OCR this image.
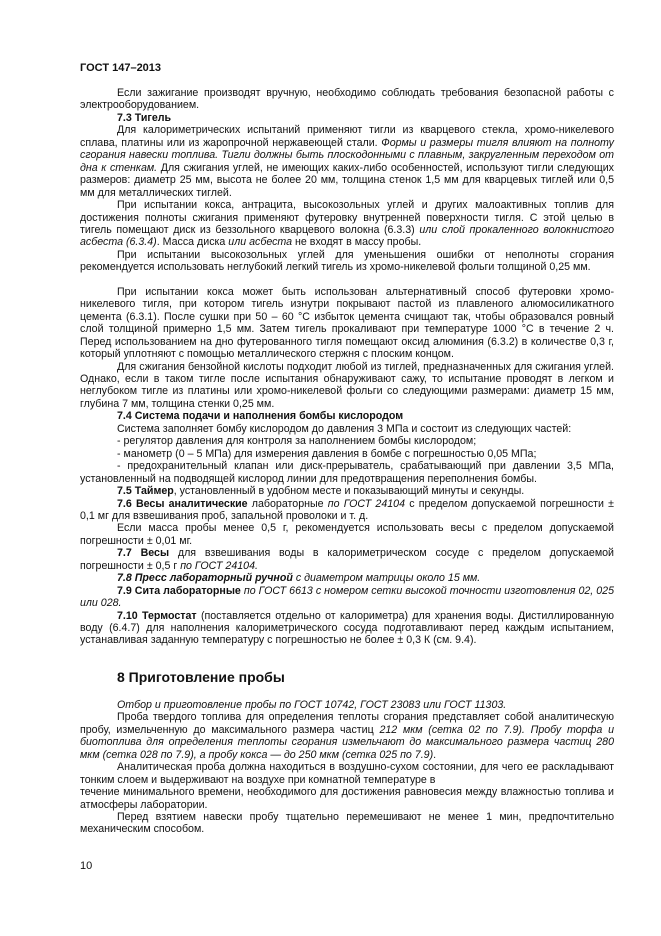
ГОСТ 147–2013

Если зажигание производят вручную, необходимо соблюдать требования безопасной работы с электрооборудованием.

7.3 Тигель

Для калориметрических испытаний применяют тигли из кварцевого стекла, хромо-никелевого сплава, платины или из жаропрочной нержавеющей стали. Формы и размеры тигля влияют на полноту сгорания навески топлива. Тигли должны быть плоскодонными с плавным, закругленным переходом от дна к стенкам. Для сжигания углей, не имеющих каких-либо особенностей, используют тигли следующих размеров: диаметр 25 мм, высота не более 20 мм, толщина стенок 1,5 мм для кварцевых тиглей или 0,5 мм для металлических тиглей.

При испытании кокса, антрацита, высокозольных углей и других малоактивных топлив для достижения полноты сжигания применяют футеровку внутренней поверхности тигля. С этой целью в тигель помещают диск из беззольного кварцевого волокна (6.3.3) или слой прокаленного волокнистого асбеста (6.3.4). Масса диска или асбеста не входят в массу пробы.

При испытании высокозольных углей для уменьшения ошибки от неполноты сгорания рекомендуется использовать неглубокий легкий тигель из хромо-никелевой фольги толщиной 0,25 мм.

При испытании кокса может быть использован альтернативный способ футеровки хромо-никелевого тигля, при котором тигель изнутри покрывают пастой из плавленого алюмосиликатного цемента (6.3.1). После сушки при 50 – 60 °С избыток цемента счищают так, чтобы образовался ровный слой толщиной примерно 1,5 мм. Затем тигель прокаливают при температуре 1000 °С в течение 2 ч. Перед использованием на дно футерованного тигля помещают оксид алюминия (6.3.2) в количестве 0,3 г, который уплотняют с помощью металлического стержня с плоским концом.

Для сжигания бензойной кислоты подходит любой из тиглей, предназначенных для сжигания углей. Однако, если в таком тигле после испытания обнаруживают сажу, то испытание проводят в легком и неглубоком тигле из платины или хромо-никелевой фольги со следующими размерами: диаметр 15 мм, глубина 7 мм, толщина стенки 0,25 мм.

7.4 Система подачи и наполнения бомбы кислородом

Система заполняет бомбу кислородом до давления 3 МПа и состоит из следующих частей:

- регулятор давления для контроля за наполнением бомбы кислородом;

- манометр (0 – 5 МПа) для измерения давления в бомбе с погрешностью 0,05 МПа;

- предохранительный клапан или диск-прерыватель, срабатывающий при давлении 3,5 МПа, установленный на подводящей кислород линии для предотвращения переполнения бомбы.

7.5 Таймер, установленный в удобном месте и показывающий минуты и секунды.

7.6 Весы аналитические лабораторные по ГОСТ 24104 с пределом допускаемой погрешности ± 0,1 мг для взвешивания проб, запальной проволоки и т. д.

Если масса пробы менее 0,5 г, рекомендуется использовать весы с пределом допускаемой погрешности ± 0,01 мг.

7.7 Весы для взвешивания воды в калориметрическом сосуде с пределом допускаемой погрешности ± 0,5 г по ГОСТ 24104.

7.8 Пресс лабораторный ручной с диаметром матрицы около 15 мм.

7.9 Сита лабораторные по ГОСТ 6613 с номером сетки высокой точности изготовления 02, 025 или 028.

7.10 Термостат (поставляется отдельно от калориметра) для хранения воды. Дистиллированную воду (6.4.7) для наполнения калориметрического сосуда подготавливают перед каждым испытанием, устанавливая заданную температуру с погрешностью не более ± 0,3 К (см. 9.4).

8 Приготовление пробы

Отбор и приготовление пробы по ГОСТ 10742, ГОСТ 23083 или ГОСТ 11303.

Проба твердого топлива для определения теплоты сгорания представляет собой аналитическую пробу, измельченную до максимального размера частиц 212 мкм (сетка 02 по 7.9). Пробу торфа и биотоплива для определения теплоты сгорания измельчают до максимального размера частиц 280 мкм (сетка 028 по 7.9), а пробу кокса — до 250 мкм (сетка 025 по 7.9).

Аналитическая проба должна находиться в воздушно-сухом состоянии, для чего ее раскладывают тонким слоем и выдерживают на воздухе при комнатной температуре в
течение минимального времени, необходимого для достижения равновесия между влажностью топлива и атмосферы лаборатории.

Перед взятием навески пробу тщательно перемешивают не менее 1 мин, предпочтительно механическим способом.

10
